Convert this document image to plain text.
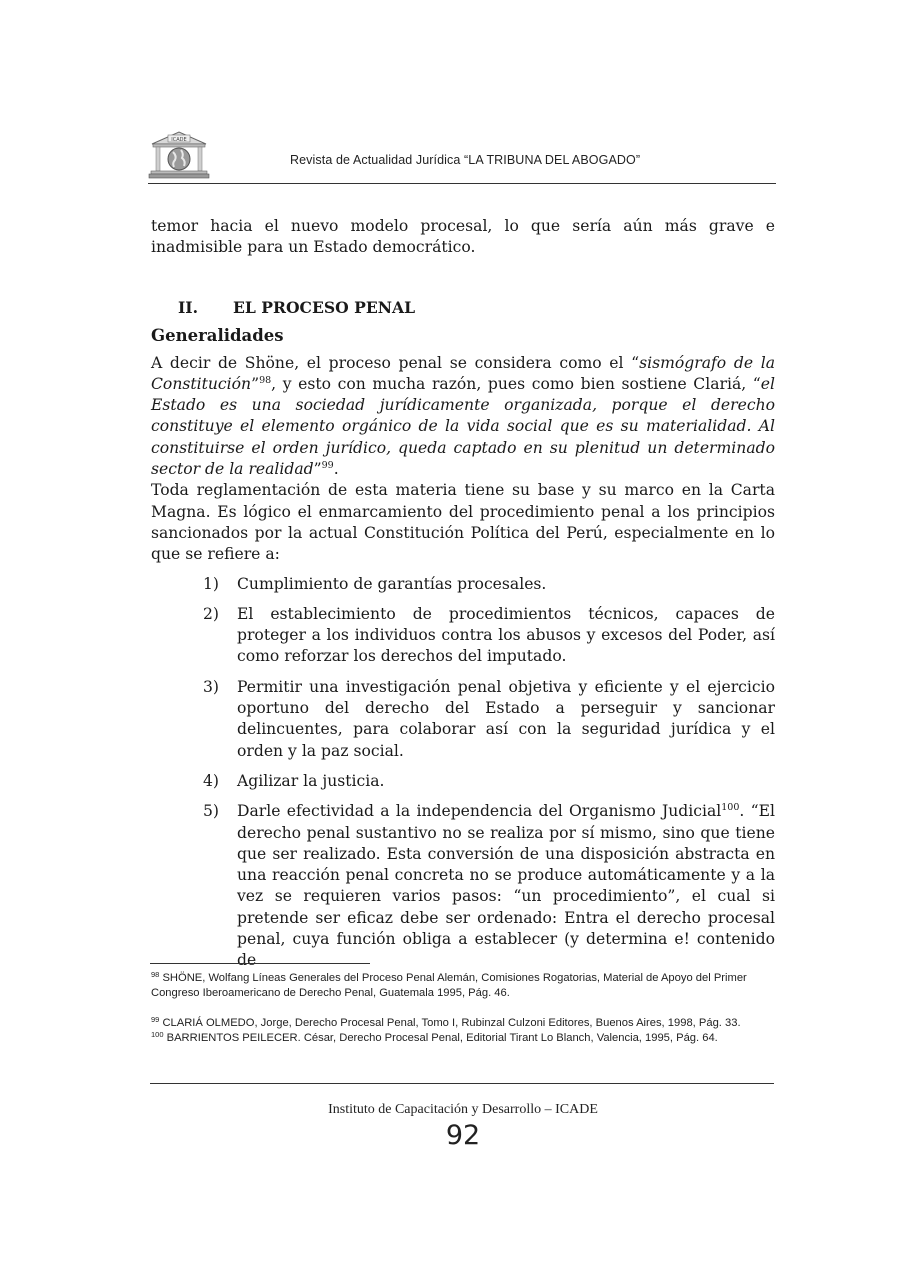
ICADE
Revista de Actualidad Jurídica “LA TRIBUNA DEL ABOGADO”

temor hacia el nuevo modelo procesal, lo que sería aún más grave e inadmisible para un Estado democrático.

II.	EL PROCESO PENAL
Generalidades

A decir de Shöne, el proceso penal se considera como el “sismógrafo de la Constitución”$^{98}$, y esto con mucha razón, pues como bien sostiene Clariá, “el Estado es una sociedad jurídicamente organizada, porque el derecho constituye el elemento orgánico de la vida social que es su materialidad. Al constituirse el orden jurídico, queda captado en su plenitud un determinado sector de la realidad”$^{99}$.

Toda reglamentación de esta materia tiene su base y su marco en la Carta Magna. Es lógico el enmarcamiento del procedimiento penal a los principios sancionados por la actual Constitución Política del Perú, especialmente en lo que se refiere a:

1)	Cumplimiento de garantías procesales.
2)	El establecimiento de procedimientos técnicos, capaces de proteger a los individuos contra los abusos y excesos del Poder, así como reforzar los derechos del imputado.
3)	Permitir una investigación penal objetiva y eficiente y el ejercicio oportuno del derecho del Estado a perseguir y sancionar delincuentes, para colaborar así con la seguridad jurídica y el orden y la paz social.
4)	Agilizar la justicia.
5)	Darle efectividad a la independencia del Organismo Judicial$^{100}$. “El derecho penal sustantivo no se realiza por sí mismo, sino que tiene que ser realizado. Esta conversión de una disposición abstracta en una reacción penal concreta no se produce automáticamente y a la vez se requieren varios pasos: “un procedimiento”, el cual si pretende ser eficaz debe ser ordenado: Entra el derecho procesal penal, cuya función obliga a establecer (y determina e! contenido de

$^{98}$ SHÖNE, Wolfang Líneas Generales del Proceso Penal Alemán, Comisiones Rogatorias, Material de Apoyo del Primer Congreso Iberoamericano de Derecho Penal, Guatemala 1995, Pág. 46.

$^{99}$ CLARIÁ OLMEDO, Jorge, Derecho Procesal Penal, Tomo I, Rubinzal Culzoni Editores, Buenos Aires, 1998, Pág. 33.

$^{100}$ BARRIENTOS PEILECER. César, Derecho Procesal Penal, Editorial Tirant Lo Blanch, Valencia, 1995, Pág. 64.

Instituto de Capacitación y Desarrollo – ICADE
92
